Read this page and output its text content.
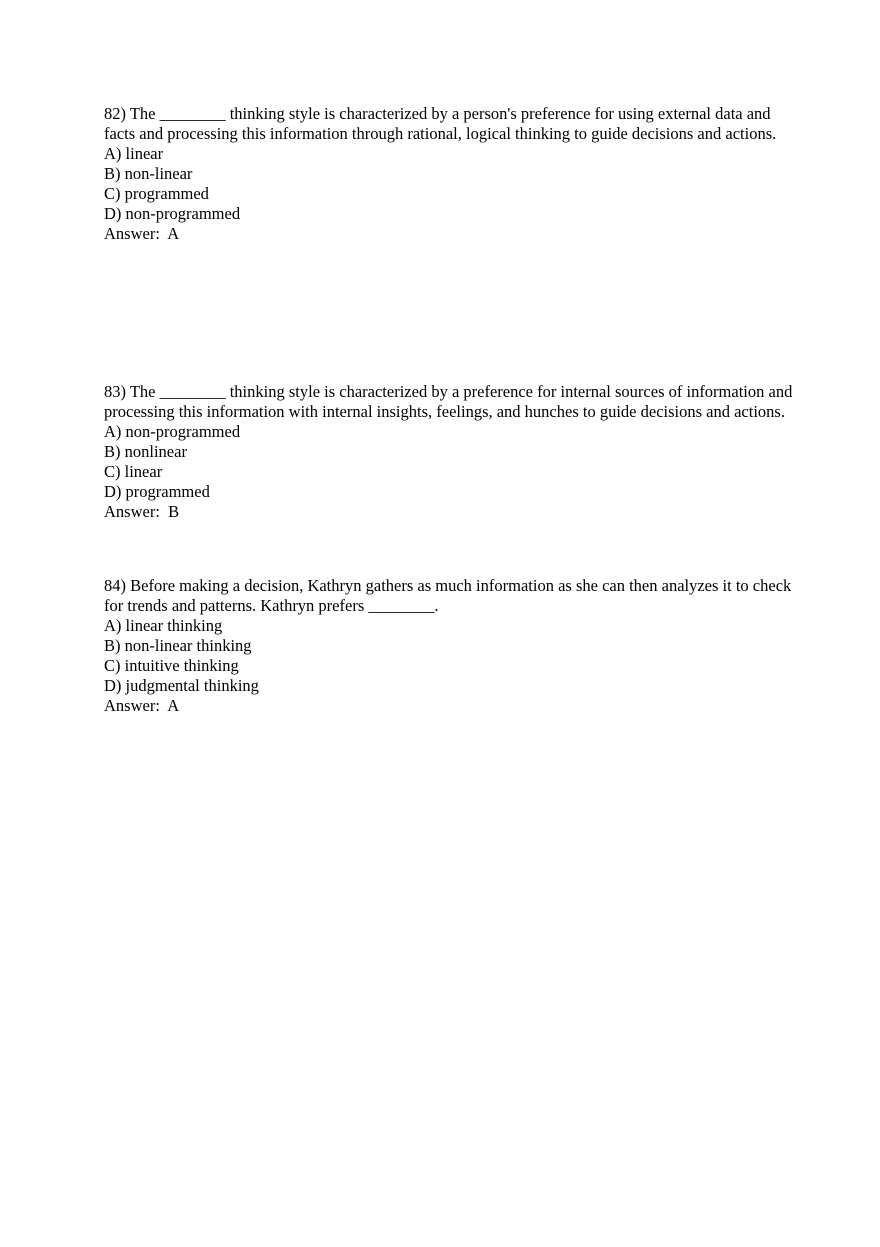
82) The ________ thinking style is characterized by a person's preference for using external data and facts and processing this information through rational, logical thinking to guide decisions and actions.

A) linear

B) non-linear

C) programmed

D) non-programmed

Answer:  A

83) The ________ thinking style is characterized by a preference for internal sources of information and processing this information with internal insights, feelings, and hunches to guide decisions and actions.

A) non-programmed

B) nonlinear

C) linear

D) programmed

Answer:  B

84) Before making a decision, Kathryn gathers as much information as she can then analyzes it to check for trends and patterns. Kathryn prefers ________.

A) linear thinking

B) non-linear thinking

C) intuitive thinking

D) judgmental thinking

Answer:  A
